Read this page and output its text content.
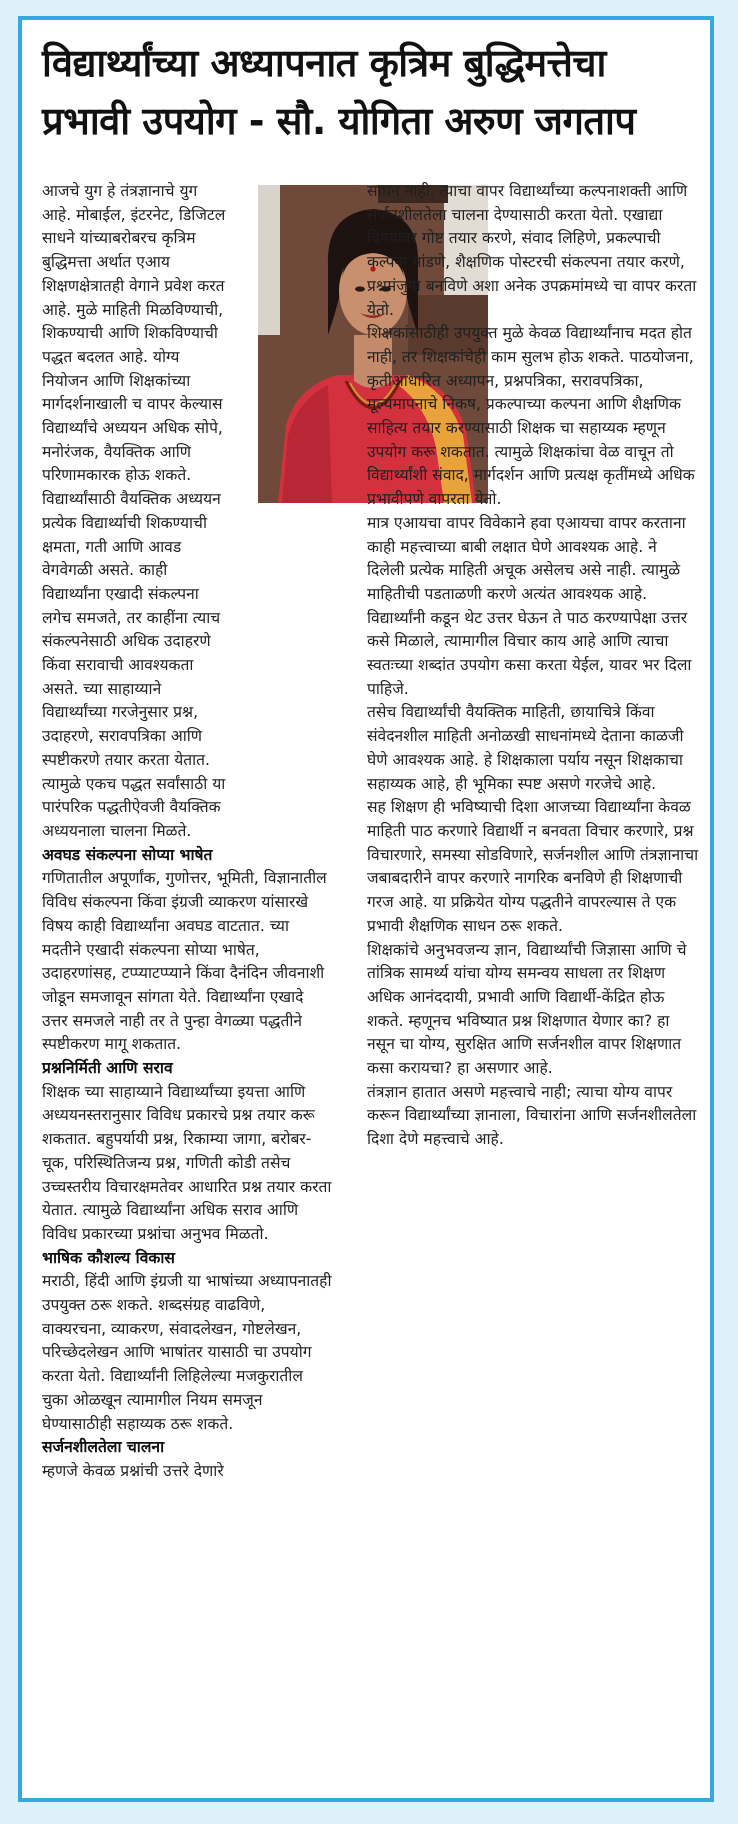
विद्यार्थ्यांच्या अध्यापनात कृत्रिम बुद्धिमत्तेचा प्रभावी उपयोग - सौ. योगिता अरुण जगताप

आजचे युग हे तंत्रज्ञानाचे युग आहे. मोबाईल, इंटरनेट, डिजिटल साधने यांच्याबरोबरच कृत्रिम बुद्धिमत्ता अर्थात एआय शिक्षणक्षेत्रातही वेगाने प्रवेश करत आहे. मुळे माहिती मिळविण्याची, शिकण्याची आणि शिकविण्याची पद्धत बदलत आहे. योग्य नियोजन आणि शिक्षकांच्या मार्गदर्शनाखाली च वापर केल्यास विद्यार्थ्यांचे अध्ययन अधिक सोपे, मनोरंजक, वैयक्तिक आणि परिणामकारक होऊ शकते.

विद्यार्थ्यांसाठी वैयक्तिक अध्ययन प्रत्येक विद्यार्थ्याची शिकण्याची क्षमता, गती आणि आवड वेगवेगळी असते. काही विद्यार्थ्यांना एखादी संकल्पना लगेच समजते, तर काहींना त्याच संकल्पनेसाठी अधिक उदाहरणे किंवा सरावाची आवश्यकता असते. च्या साहाय्याने विद्यार्थ्यांच्या गरजेनुसार प्रश्न, उदाहरणे, सरावपत्रिका आणि स्पष्टीकरणे तयार करता येतात. त्यामुळे एकच पद्धत सर्वांसाठी या पारंपरिक पद्धतीऐवजी वैयक्तिक अध्ययनाला चालना मिळते.

अवघड संकल्पना सोप्या भाषेत

गणितातील अपूर्णांक, गुणोत्तर, भूमिती, विज्ञानातील विविध संकल्पना किंवा इंग्रजी व्याकरण यांसारखे विषय काही विद्यार्थ्यांना अवघड वाटतात. च्या मदतीने एखादी संकल्पना सोप्या भाषेत, उदाहरणांसह, टप्प्याटप्प्याने किंवा दैनंदिन जीवनाशी जोडून समजावून सांगता येते. विद्यार्थ्यांना एखादे उत्तर समजले नाही तर ते पुन्हा वेगळ्या पद्धतीने स्पष्टीकरण मागू शकतात.

प्रश्ननिर्मिती आणि सराव

शिक्षक च्या साहाय्याने विद्यार्थ्यांच्या इयत्ता आणि अध्ययनस्तरानुसार विविध प्रकारचे प्रश्न तयार करू शकतात. बहुपर्यायी प्रश्न, रिकाम्या जागा, बरोबर-चूक, परिस्थितिजन्य प्रश्न, गणिती कोडी तसेच उच्चस्तरीय विचारक्षमतेवर आधारित प्रश्न तयार करता येतात. त्यामुळे विद्यार्थ्यांना अधिक सराव आणि विविध प्रकारच्या प्रश्नांचा अनुभव मिळतो.

भाषिक कौशल्य विकास

मराठी, हिंदी आणि इंग्रजी या भाषांच्या अध्यापनातही उपयुक्त ठरू शकते. शब्दसंग्रह वाढविणे, वाक्यरचना, व्याकरण, संवादलेखन, गोष्टलेखन, परिच्छेदलेखन आणि भाषांतर यासाठी चा उपयोग करता येतो. विद्यार्थ्यांनी लिहिलेल्या मजकुरातील चुका ओळखून त्यामागील नियम समजून घेण्यासाठीही सहाय्यक ठरू शकते.

सर्जनशीलतेला चालना

म्हणजे केवळ प्रश्नांची उत्तरे देणारे

साधन नाही. त्याचा वापर विद्यार्थ्यांच्या कल्पनाशक्ती आणि सर्जनशीलतेला चालना देण्यासाठी करता येतो. एखाद्या विषयावर गोष्ट तयार करणे, संवाद लिहिणे, प्रकल्पाची कल्पना मांडणे, शैक्षणिक पोस्टरची संकल्पना तयार करणे, प्रश्नमंजुषा बनविणे अशा अनेक उपक्रमांमध्ये चा वापर करता येतो.

शिक्षकांसाठीही उपयुक्त मुळे केवळ विद्यार्थ्यांनाच मदत होत नाही, तर शिक्षकांचेही काम सुलभ होऊ शकते. पाठयोजना, कृतीआधारित अध्यापन, प्रश्नपत्रिका, सरावपत्रिका, मूल्यमापनाचे निकष, प्रकल्पाच्या कल्पना आणि शैक्षणिक साहित्य तयार करण्यासाठी शिक्षक चा सहाय्यक म्हणून उपयोग करू शकतात. त्यामुळे शिक्षकांचा वेळ वाचून तो विद्यार्थ्यांशी संवाद, मार्गदर्शन आणि प्रत्यक्ष कृतींमध्ये अधिक प्रभावीपणे वापरता येतो.

मात्र एआयचा वापर विवेकाने हवा एआयचा वापर करताना काही महत्त्वाच्या बाबी लक्षात घेणे आवश्यक आहे. ने दिलेली प्रत्येक माहिती अचूक असेलच असे नाही. त्यामुळे माहितीची पडताळणी करणे अत्यंत आवश्यक आहे. विद्यार्थ्यांनी कडून थेट उत्तर घेऊन ते पाठ करण्यापेक्षा उत्तर कसे मिळाले, त्यामागील विचार काय आहे आणि त्याचा स्वतःच्या शब्दांत उपयोग कसा करता येईल, यावर भर दिला पाहिजे.

तसेच विद्यार्थ्यांची वैयक्तिक माहिती, छायाचित्रे किंवा संवेदनशील माहिती अनोळखी साधनांमध्ये देताना काळजी घेणे आवश्यक आहे. हे शिक्षकाला पर्याय नसून शिक्षकाचा सहाय्यक आहे, ही भूमिका स्पष्ट असणे गरजेचे आहे.

सह शिक्षण ही भविष्याची दिशा आजच्या विद्यार्थ्यांना केवळ माहिती पाठ करणारे विद्यार्थी न बनवता विचार करणारे, प्रश्न विचारणारे, समस्या सोडविणारे, सर्जनशील आणि तंत्रज्ञानाचा जबाबदारीने वापर करणारे नागरिक बनविणे ही शिक्षणाची गरज आहे. या प्रक्रियेत योग्य पद्धतीने वापरल्यास ते एक प्रभावी शैक्षणिक साधन ठरू शकते.

शिक्षकांचे अनुभवजन्य ज्ञान, विद्यार्थ्यांची जिज्ञासा आणि चे तांत्रिक सामर्थ्य यांचा योग्य समन्वय साधला तर शिक्षण अधिक आनंददायी, प्रभावी आणि विद्यार्थी-केंद्रित होऊ शकते. म्हणूनच भविष्यात प्रश्न शिक्षणात येणार का? हा नसून चा योग्य, सुरक्षित आणि सर्जनशील वापर शिक्षणात कसा करायचा? हा असणार आहे.

तंत्रज्ञान हातात असणे महत्त्वाचे नाही; त्याचा योग्य वापर करून विद्यार्थ्यांच्या ज्ञानाला, विचारांना आणि सर्जनशीलतेला दिशा देणे महत्त्वाचे आहे.
